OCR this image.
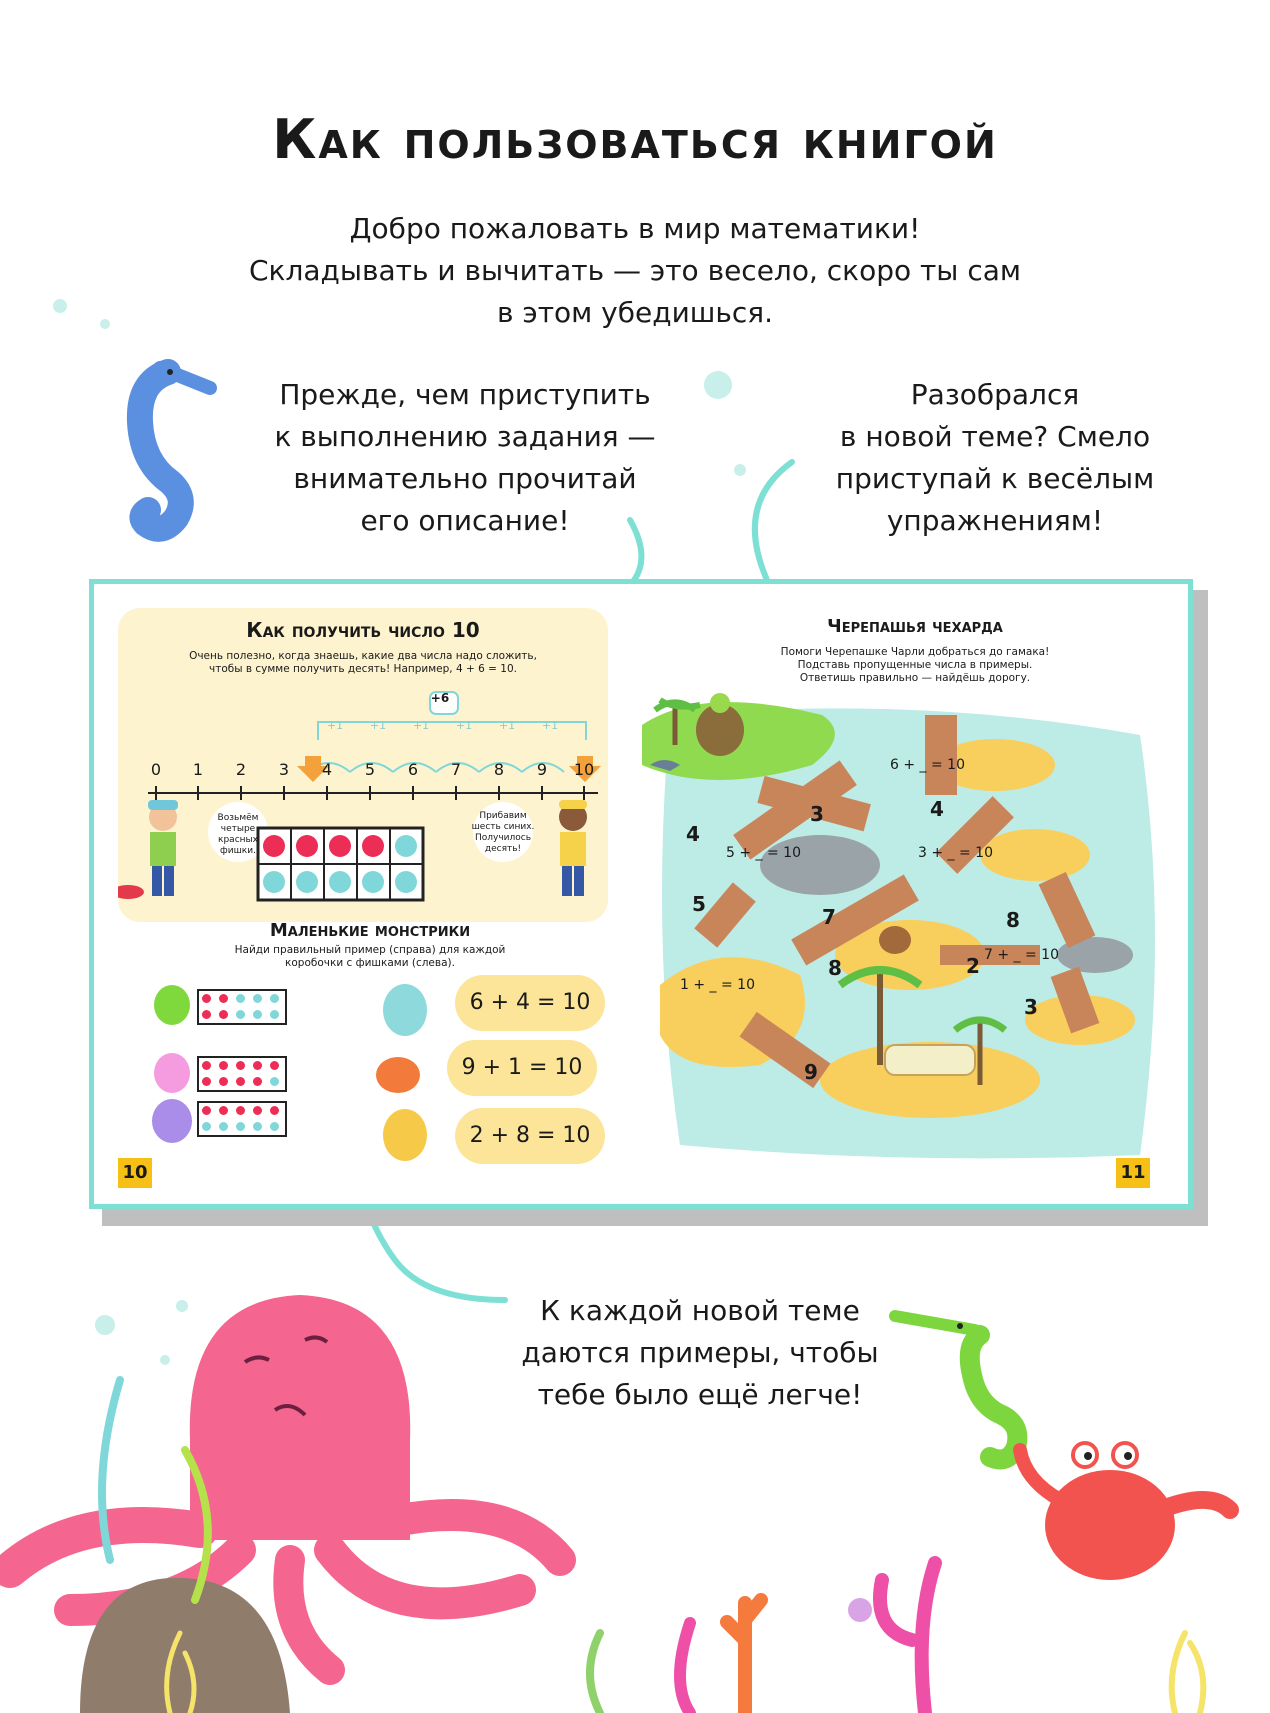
Как пользоваться книгой
Добро пожаловать в мир математики!
Складывать и вычитать — это весело, скоро ты сам
в этом убедишься.
Прежде, чем приступить
к выполнению задания —
внимательно прочитай
его описание!
Разобрался
в новой теме? Смело
приступай к весёлым
упражнениям!
Как получить число 10
Очень полезно, когда знаешь, какие два числа надо сложить,
чтобы в сумме получить десять! Например, 4 + 6 = 10.
+6
+1	+1	+1	+1	+1	+1
0	1	2	3	4	5	6	7	8	9	10
Возьмём
четыре
красных
фишки.
Прибавим
шесть синих.
Получилось
десять!
Маленькие монстрики
Найди правильный пример (справа) для каждой
коробочки с фишками (слева).
6 + 4 = 10
9 + 1 = 10
2 + 8 = 10
10
Черепашья чехарда
Помоги Черепашке Чарли добраться до гамака!
Подставь пропущенные числа в примеры.
Ответишь правильно — найдёшь дорогу.
6 + _ = 10
5 + _ = 10	3 + _ = 10
7 + _ = 10
1 + _ = 10
4
3	4
5
7
8
8
2
3
9
11
К каждой новой теме
даются примеры, чтобы
тебе было ещё легче!
